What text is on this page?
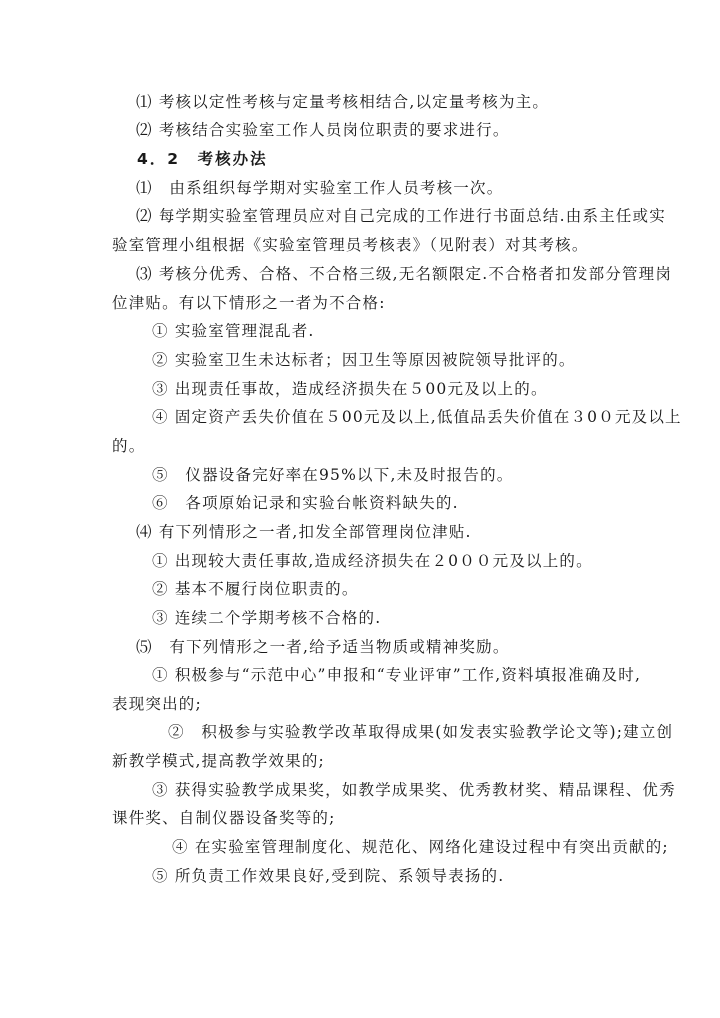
⑴ 考核以定性考核与定量考核相结合,以定量考核为主。
⑵ 考核结合实验室工作人员岗位职责的要求进行。
4．2　考核办法
⑴　由系组织每学期对实验室工作人员考核一次。
⑵ 每学期实验室管理员应对自己完成的工作进行书面总结.由系主任或实
验室管理小组根据《实验室管理员考核表》（见附表）对其考核。
⑶ 考核分优秀、合格、不合格三级,无名额限定.不合格者扣发部分管理岗
位津贴。有以下情形之一者为不合格:
① 实验室管理混乱者.
② 实验室卫生未达标者；因卫生等原因被院领导批评的。
③ 出现责任事故，造成经济损失在５00元及以上的。
④ 固定资产丢失价值在５00元及以上,低值品丢失价值在３0０元及以上
的。
⑤　仪器设备完好率在95%以下,未及时报告的。
⑥　各项原始记录和实验台帐资料缺失的.
⑷ 有下列情形之一者,扣发全部管理岗位津贴.
① 出现较大责任事故,造成经济损失在２0００元及以上的。
② 基本不履行岗位职责的。
③ 连续二个学期考核不合格的.
⑸　有下列情形之一者,给予适当物质或精神奖励。
① 积极参与“示范中心”申报和“专业评审”工作,资料填报准确及时,
表现突出的;
②　积极参与实验教学改革取得成果(如发表实验教学论文等);建立创
新教学模式,提高教学效果的;
③ 获得实验教学成果奖，如教学成果奖、优秀教材奖、精品课程、优秀
课件奖、自制仪器设备奖等的;
④ 在实验室管理制度化、规范化、网络化建设过程中有突出贡献的;
⑤ 所负责工作效果良好,受到院、系领导表扬的.
